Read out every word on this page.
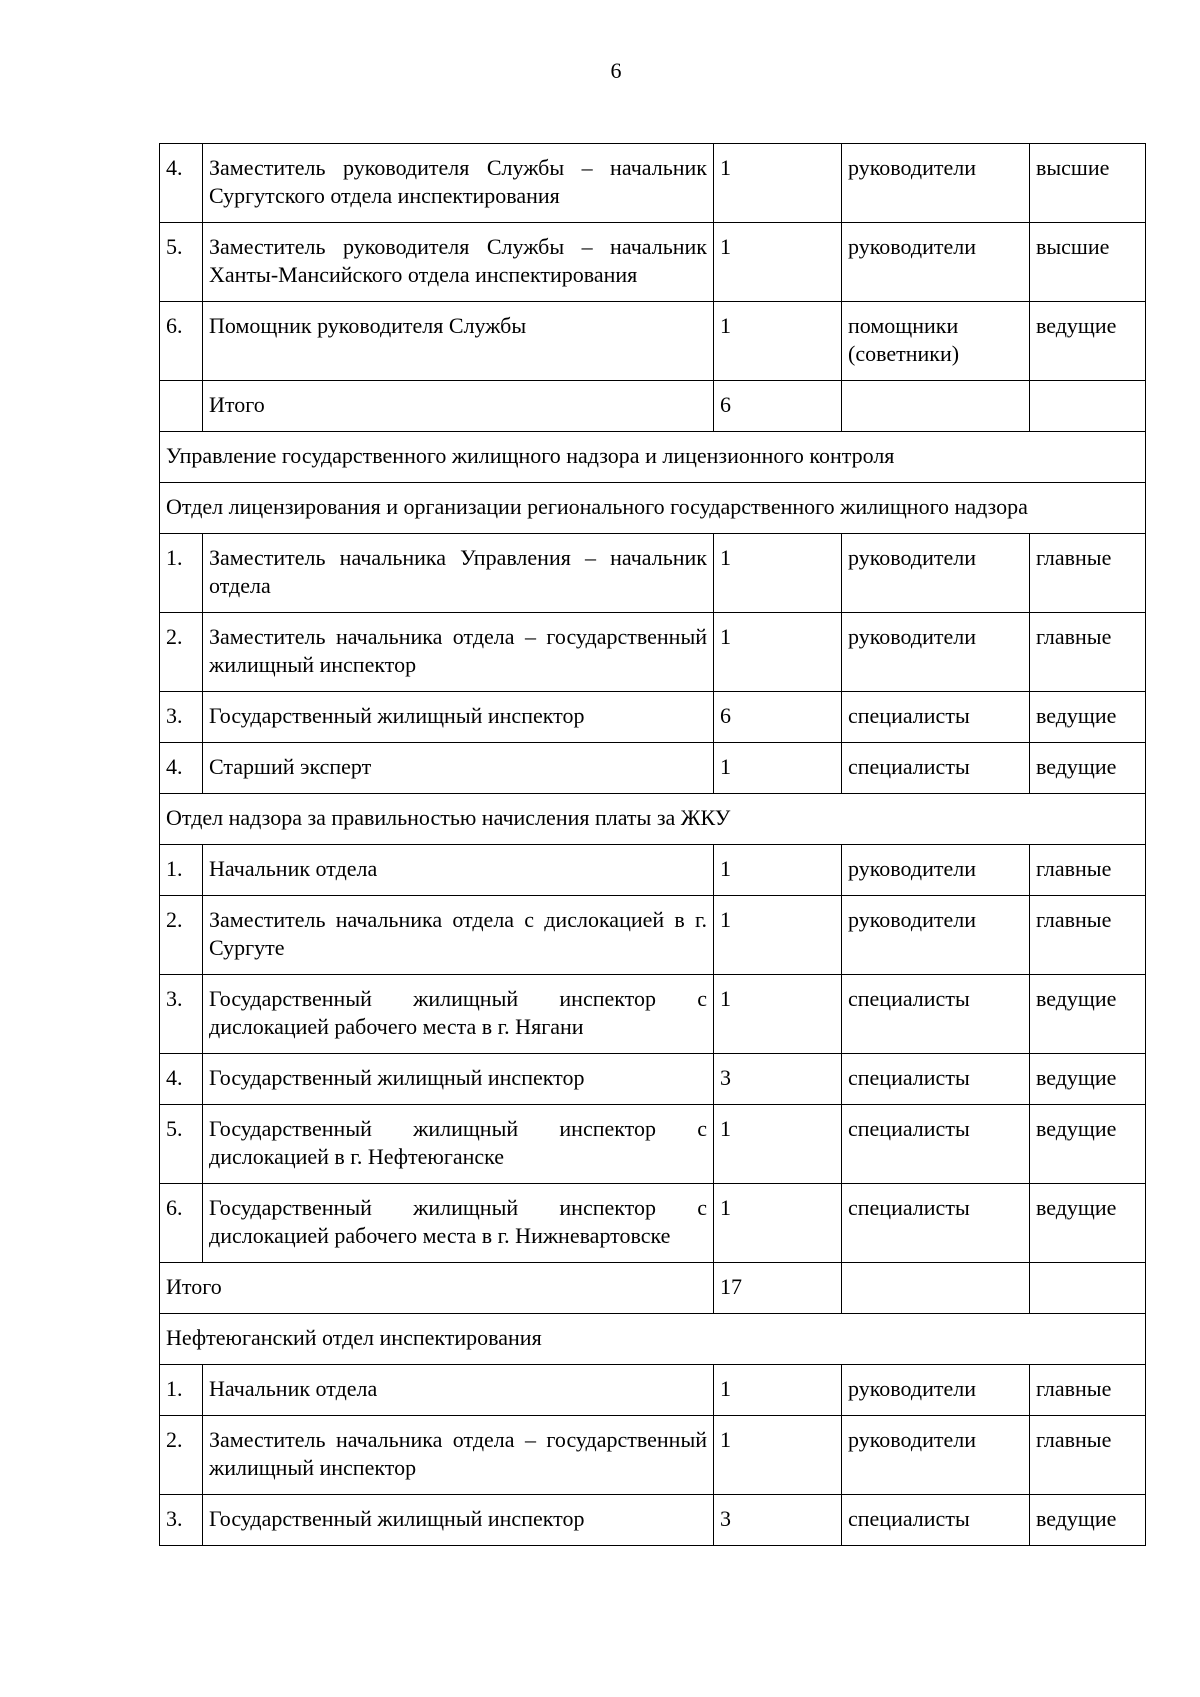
6
4.	Заместитель руководителя Службы – начальник Сургутского отдела инспектирования	1	руководители	высшие
5.	Заместитель руководителя Службы – начальник Ханты-Мансийского отдела инспектирования	1	руководители	высшие
6.	Помощник руководителя Службы	1	помощники (советники)	ведущие
	Итого	6		
Управление государственного жилищного надзора и лицензионного контроля				
Отдел лицензирования и организации регионального государственного жилищного надзора				
1.	Заместитель начальника Управления – начальник отдела	1	руководители	главные
2.	Заместитель начальника отдела – государственный жилищный инспектор	1	руководители	главные
3.	Государственный жилищный инспектор	6	специалисты	ведущие
4.	Старший эксперт	1	специалисты	ведущие
Отдел надзора за правильностью начисления платы за ЖКУ				
1.	Начальник отдела	1	руководители	главные
2.	Заместитель начальника отдела с дислокацией в г. Сургуте	1	руководители	главные
3.	Государственный жилищный инспектор с дислокацией рабочего места в г. Нягани	1	специалисты	ведущие
4.	Государственный жилищный инспектор	3	специалисты	ведущие
5.	Государственный жилищный инспектор с дислокацией в г. Нефтеюганске	1	специалисты	ведущие
6.	Государственный жилищный инспектор с дислокацией рабочего места в г. Нижневартовске	1	специалисты	ведущие
Итого		17		
Нефтеюганский отдел инспектирования				
1.	Начальник отдела	1	руководители	главные
2.	Заместитель начальника отдела – государственный жилищный инспектор	1	руководители	главные
3.	Государственный жилищный инспектор	3	специалисты	ведущие
